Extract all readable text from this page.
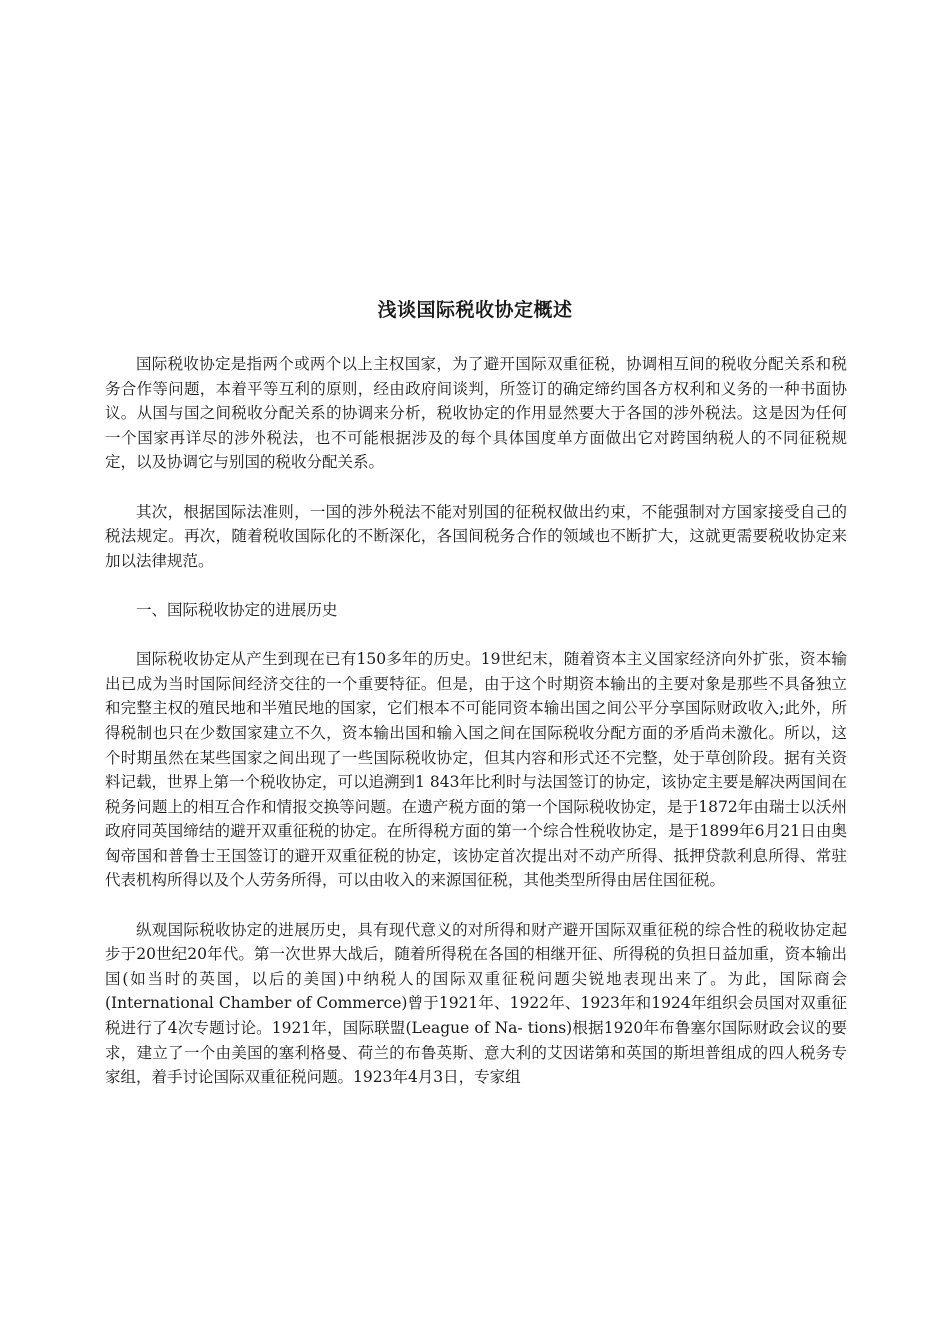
浅谈国际税收协定概述

国际税收协定是指两个或两个以上主权国家，为了避开国际双重征税，协调相互间的税收分配关系和税务合作等问题，本着平等互利的原则，经由政府间谈判，所签订的确定缔约国各方权利和义务的一种书面协议。从国与国之间税收分配关系的协调来分析，税收协定的作用显然要大于各国的涉外税法。这是因为任何一个国家再详尽的涉外税法，也不可能根据涉及的每个具体国度单方面做出它对跨国纳税人的不同征税规定，以及协调它与别国的税收分配关系。

其次，根据国际法准则，一国的涉外税法不能对别国的征税权做出约束，不能强制对方国家接受自己的税法规定。再次，随着税收国际化的不断深化，各国间税务合作的领域也不断扩大，这就更需要税收协定来加以法律规范。

一、国际税收协定的进展历史

国际税收协定从产生到现在已有150多年的历史。19世纪末，随着资本主义国家经济向外扩张，资本输出已成为当时国际间经济交往的一个重要特征。但是，由于这个时期资本输出的主要对象是那些不具备独立和完整主权的殖民地和半殖民地的国家，它们根本不可能同资本输出国之间公平分享国际财政收入;此外，所得税制也只在少数国家建立不久，资本输出国和输入国之间在国际税收分配方面的矛盾尚未激化。所以，这个时期虽然在某些国家之间出现了一些国际税收协定，但其内容和形式还不完整，处于草创阶段。据有关资料记载，世界上第一个税收协定，可以追溯到1 843年比利时与法国签订的协定，该协定主要是解决两国间在税务问题上的相互合作和情报交换等问题。在遗产税方面的第一个国际税收协定，是于1872年由瑞士以沃州政府同英国缔结的避开双重征税的协定。在所得税方面的第一个综合性税收协定，是于1899年6月21日由奥匈帝国和普鲁士王国签订的避开双重征税的协定，该协定首次提出对不动产所得、抵押贷款利息所得、常驻代表机构所得以及个人劳务所得，可以由收入的来源国征税，其他类型所得由居住国征税。

纵观国际税收协定的进展历史，具有现代意义的对所得和财产避开国际双重征税的综合性的税收协定起步于20世纪20年代。第一次世界大战后，随着所得税在各国的相继开征、所得税的负担日益加重，资本输出国(如当时的英国，以后的美国)中纳税人的国际双重征税问题尖锐地表现出来了。为此，国际商会(International Chamber of Commerce)曾于1921年、1922年、1923年和1924年组织会员国对双重征税进行了4次专题讨论。1921年，国际联盟(League of Na- tions)根据1920年布鲁塞尔国际财政会议的要求，建立了一个由美国的塞利格曼、荷兰的布鲁英斯、意大利的艾因诺第和英国的斯坦普组成的四人税务专家组，着手讨论国际双重征税问题。1923年4月3日，专家组
